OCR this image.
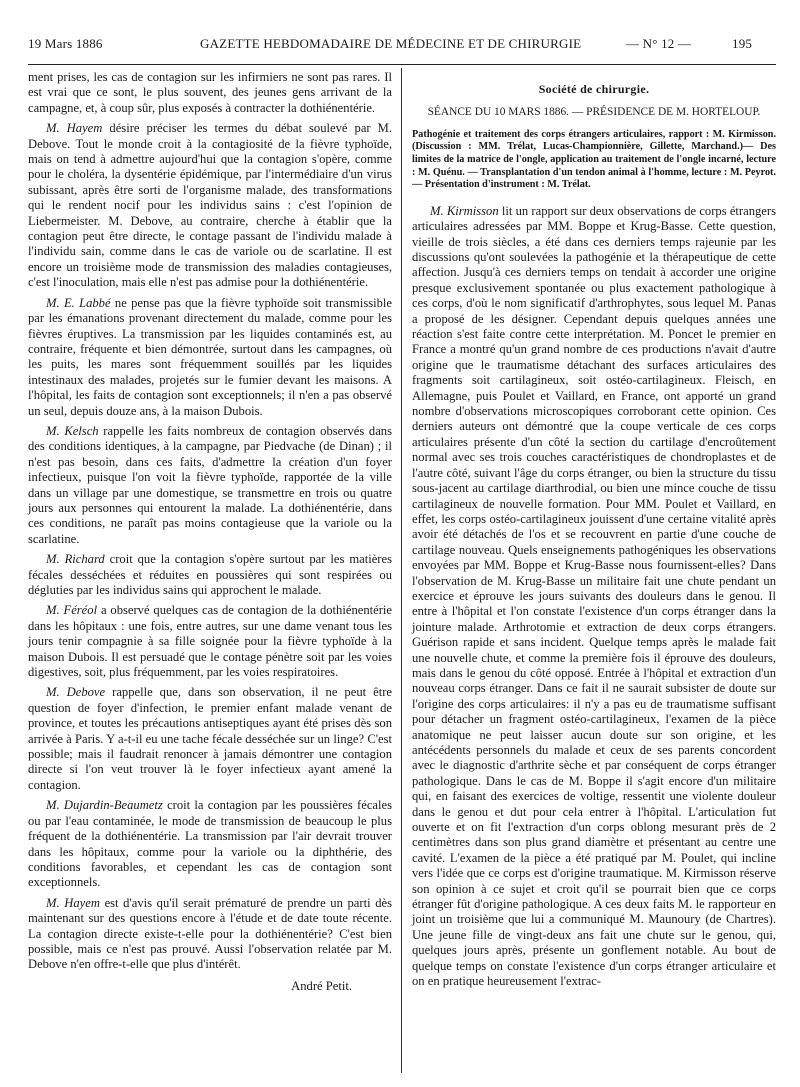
19 Mars 1886	GAZETTE HEBDOMADAIRE DE MÉDECINE ET DE CHIRURGIE	— N° 12 —	195

ment prises, les cas de contagion sur les infirmiers ne sont pas rares. Il est vrai que ce sont, le plus souvent, des jeunes gens arrivant de la campagne, et, à coup sûr, plus exposés à contracter la dothiénentérie.

M. Hayem désire préciser les termes du débat soulevé par M. Debove. Tout le monde croit à la contagiosité de la fièvre typhoïde, mais on tend à admettre aujourd'hui que la contagion s'opère, comme pour le choléra, la dysentérie épidémique, par l'intermédiaire d'un virus subissant, après être sorti de l'organisme malade, des transformations qui le rendent nocif pour les individus sains : c'est l'opinion de Liebermeister. M. Debove, au contraire, cherche à établir que la contagion peut être directe, le contage passant de l'individu malade à l'individu sain, comme dans le cas de variole ou de scarlatine. Il est encore un troisième mode de transmission des maladies contagieuses, c'est l'inoculation, mais elle n'est pas admise pour la dothiénentérie.

M. E. Labbé ne pense pas que la fièvre typhoïde soit transmissible par les émanations provenant directement du malade, comme pour les fièvres éruptives. La transmission par les liquides contaminés est, au contraire, fréquente et bien démontrée, surtout dans les campagnes, où les puits, les mares sont fréquemment souillés par les liquides intestinaux des malades, projetés sur le fumier devant les maisons. A l'hôpital, les faits de contagion sont exceptionnels; il n'en a pas observé un seul, depuis douze ans, à la maison Dubois.

M. Kelsch rappelle les faits nombreux de contagion observés dans des conditions identiques, à la campagne, par Piedvache (de Dinan) ; il n'est pas besoin, dans ces faits, d'admettre la création d'un foyer infectieux, puisque l'on voit la fièvre typhoïde, rapportée de la ville dans un village par une domestique, se transmettre en trois ou quatre jours aux personnes qui entourent la malade. La dothiénentérie, dans ces conditions, ne paraît pas moins contagieuse que la variole ou la scarlatine.

M. Richard croit que la contagion s'opère surtout par les matières fécales desséchées et réduites en poussières qui sont respirées ou dégluties par les individus sains qui approchent le malade.

M. Féréol a observé quelques cas de contagion de la dothiénentérie dans les hôpitaux : une fois, entre autres, sur une dame venant tous les jours tenir compagnie à sa fille soignée pour la fièvre typhoïde à la maison Dubois. Il est persuadé que le contage pénètre soit par les voies digestives, soit, plus fréquemment, par les voies respiratoires.

M. Debove rappelle que, dans son observation, il ne peut être question de foyer d'infection, le premier enfant malade venant de province, et toutes les précautions antiseptiques ayant été prises dès son arrivée à Paris. Y a-t-il eu une tache fécale desséchée sur un linge? C'est possible; mais il faudrait renoncer à jamais démontrer une contagion directe si l'on veut trouver là le foyer infectieux ayant amené la contagion.

M. Dujardin-Beaumetz croit la contagion par les poussières fécales ou par l'eau contaminée, le mode de transmission de beaucoup le plus fréquent de la dothiénentérie. La transmission par l'air devrait trouver dans les hôpitaux, comme pour la variole ou la diphthérie, des conditions favorables, et cependant les cas de contagion sont exceptionnels.

M. Hayem est d'avis qu'il serait prématuré de prendre un parti dès maintenant sur des questions encore à l'étude et de date toute récente. La contagion directe existe-t-elle pour la dothiénentérie? C'est bien possible, mais ce n'est pas prouvé. Aussi l'observation relatée par M. Debove n'en offre-t-elle que plus d'intérêt.

André Petit.
Société de chirurgie.
SÉANCE DU 10 MARS 1886. — PRÉSIDENCE DE M. HORTELOUP.
Pathogénie et traitement des corps étrangers articulaires, rapport : M. Kirmisson. (Discussion : MM. Trélat, Lucas-Championnière, Gillette, Marchand.)— Des limites de la matrice de l'ongle, application au traitement de l'ongle incarné, lecture : M. Quénu. — Transplantation d'un tendon animal à l'homme, lecture : M. Peyrot. — Présentation d'instrument : M. Trélat.

M. Kirmisson lit un rapport sur deux observations de corps étrangers articulaires adressées par MM. Boppe et Krug-Basse. Cette question, vieille de trois siècles, a été dans ces derniers temps rajeunie par les discussions qu'ont soulevées la pathogénie et la thérapeutique de cette affection. Jusqu'à ces derniers temps on tendait à accorder une origine presque exclusivement spontanée ou plus exactement pathologique à ces corps, d'où le nom significatif d'arthrophytes, sous lequel M. Panas a proposé de les désigner. Cependant depuis quelques années une réaction s'est faite contre cette interprétation. M. Poncet le premier en France a montré qu'un grand nombre de ces productions n'avait d'autre origine que le traumatisme détachant des surfaces articulaires des fragments soit cartilagineux, soit ostéo-cartilagineux. Fleisch, en Allemagne, puis Poulet et Vaillard, en France, ont apporté un grand nombre d'observations microscopiques corroborant cette opinion. Ces derniers auteurs ont démontré que la coupe verticale de ces corps articulaires présente d'un côté la section du cartilage d'encroûtement normal avec ses trois couches caractéristiques de chondroplastes et de l'autre côté, suivant l'âge du corps étranger, ou bien la structure du tissu sous-jacent au cartilage diarthrodial, ou bien une mince couche de tissu cartilagineux de nouvelle formation. Pour MM. Poulet et Vaillard, en effet, les corps ostéo-cartilagineux jouissent d'une certaine vitalité après avoir été détachés de l'os et se recouvrent en partie d'une couche de cartilage nouveau. Quels enseignements pathogéniques les observations envoyées par MM. Boppe et Krug-Basse nous fournissent-elles? Dans l'observation de M. Krug-Basse un militaire fait une chute pendant un exercice et éprouve les jours suivants des douleurs dans le genou. Il entre à l'hôpital et l'on constate l'existence d'un corps étranger dans la jointure malade. Arthrotomie et extraction de deux corps étrangers. Guérison rapide et sans incident. Quelque temps après le malade fait une nouvelle chute, et comme la première fois il éprouve des douleurs, mais dans le genou du côté opposé. Entrée à l'hôpital et extraction d'un nouveau corps étranger. Dans ce fait il ne saurait subsister de doute sur l'origine des corps articulaires: il n'y a pas eu de traumatisme suffisant pour détacher un fragment ostéo-cartilagineux, l'examen de la pièce anatomique ne peut laisser aucun doute sur son origine, et les antécédents personnels du malade et ceux de ses parents concordent avec le diagnostic d'arthrite sèche et par conséquent de corps étranger pathologique. Dans le cas de M. Boppe il s'agit encore d'un militaire qui, en faisant des exercices de voltige, ressentit une violente douleur dans le genou et dut pour cela entrer à l'hôpital. L'articulation fut ouverte et on fit l'extraction d'un corps oblong mesurant près de 2 centimètres dans son plus grand diamètre et présentant au centre une cavité. L'examen de la pièce a été pratiqué par M. Poulet, qui incline vers l'idée que ce corps est d'origine traumatique. M. Kirmisson réserve son opinion à ce sujet et croit qu'il se pourrait bien que ce corps étranger fût d'origine pathologique. A ces deux faits M. le rapporteur en joint un troisième que lui a communiqué M. Maunoury (de Chartres). Une jeune fille de vingt-deux ans fait une chute sur le genou, qui, quelques jours après, présente un gonflement notable. Au bout de quelque temps on constate l'existence d'un corps étranger articulaire et on en pratique heureusement l'extrac-
